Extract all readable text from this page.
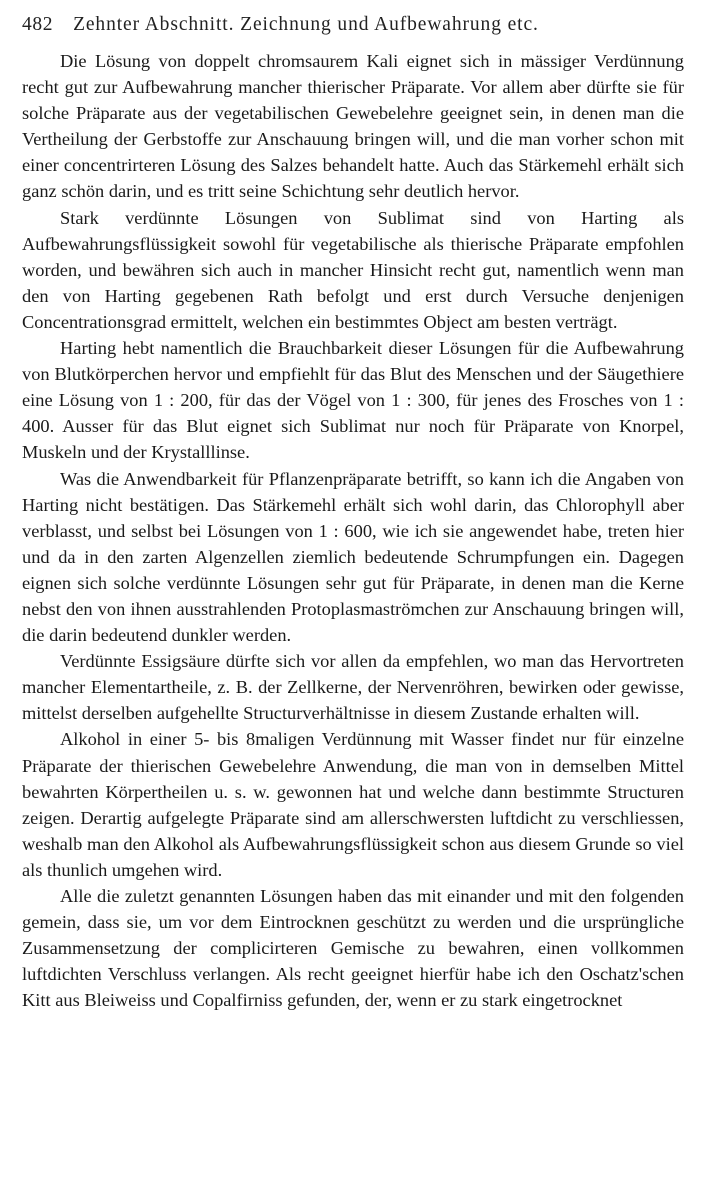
482 Zehnter Abschnitt. Zeichnung und Aufbewahrung etc.

Die Lösung von doppelt chromsaurem Kali eignet sich in mässiger Verdünnung recht gut zur Aufbewahrung mancher thierischer Präparate. Vor allem aber dürfte sie für solche Präparate aus der vegetabilischen Gewebelehre geeignet sein, in denen man die Vertheilung der Gerbstoffe zur Anschauung bringen will, und die man vorher schon mit einer concentrirteren Lösung des Salzes behandelt hatte. Auch das Stärkemehl erhält sich ganz schön darin, und es tritt seine Schichtung sehr deutlich hervor.

Stark verdünnte Lösungen von Sublimat sind von Harting als Aufbewahrungsflüssigkeit sowohl für vegetabilische als thierische Präparate empfohlen worden, und bewähren sich auch in mancher Hinsicht recht gut, namentlich wenn man den von Harting gegebenen Rath befolgt und erst durch Versuche denjenigen Concentrationsgrad ermittelt, welchen ein bestimmtes Object am besten verträgt.

Harting hebt namentlich die Brauchbarkeit dieser Lösungen für die Aufbewahrung von Blutkörperchen hervor und empfiehlt für das Blut des Menschen und der Säugethiere eine Lösung von 1 : 200, für das der Vögel von 1 : 300, für jenes des Frosches von 1 : 400. Ausser für das Blut eignet sich Sublimat nur noch für Präparate von Knorpel, Muskeln und der Krystalllinse.

Was die Anwendbarkeit für Pflanzenpräparate betrifft, so kann ich die Angaben von Harting nicht bestätigen. Das Stärkemehl erhält sich wohl darin, das Chlorophyll aber verblasst, und selbst bei Lösungen von 1 : 600, wie ich sie angewendet habe, treten hier und da in den zarten Algenzellen ziemlich bedeutende Schrumpfungen ein. Dagegen eignen sich solche verdünnte Lösungen sehr gut für Präparate, in denen man die Kerne nebst den von ihnen ausstrahlenden Protoplasmaströmchen zur Anschauung bringen will, die darin bedeutend dunkler werden.

Verdünnte Essigsäure dürfte sich vor allen da empfehlen, wo man das Hervortreten mancher Elementartheile, z. B. der Zellkerne, der Nervenröhren, bewirken oder gewisse, mittelst derselben aufgehellte Structurverhältnisse in diesem Zustande erhalten will.

Alkohol in einer 5- bis 8maligen Verdünnung mit Wasser findet nur für einzelne Präparate der thierischen Gewebelehre Anwendung, die man von in demselben Mittel bewahrten Körpertheilen u. s. w. gewonnen hat und welche dann bestimmte Structuren zeigen. Derartig aufgelegte Präparate sind am allerschwersten luftdicht zu verschliessen, weshalb man den Alkohol als Aufbewahrungsflüssigkeit schon aus diesem Grunde so viel als thunlich umgehen wird.

Alle die zuletzt genannten Lösungen haben das mit einander und mit den folgenden gemein, dass sie, um vor dem Eintrocknen geschützt zu werden und die ursprüngliche Zusammensetzung der complicirteren Gemische zu bewahren, einen vollkommen luftdichten Verschluss verlangen. Als recht geeignet hierfür habe ich den Oschatz'schen Kitt aus Bleiweiss und Copalfirniss gefunden, der, wenn er zu stark eingetrocknet
